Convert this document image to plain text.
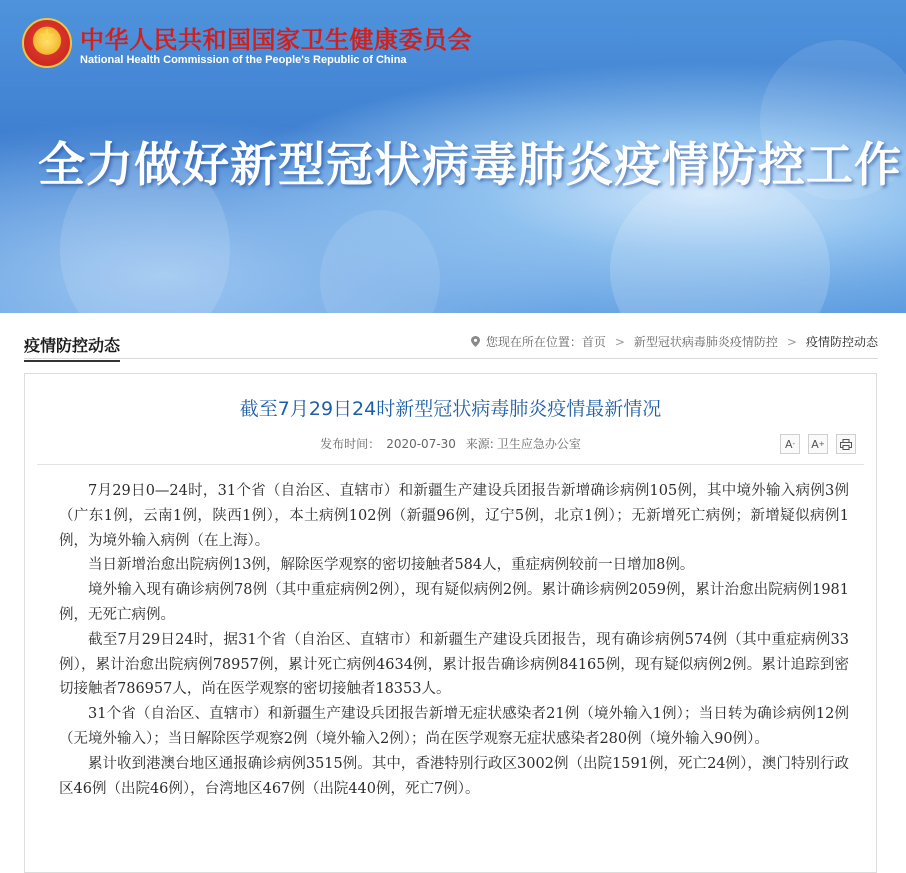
★	中华人民共和国国家卫生健康委员会
National Health Commission of the People's Republic of China
全力做好新型冠状病毒肺炎疫情防控工作
疫情防控动态	您现在所在位置： 首页 > 新型冠状病毒肺炎疫情防控 > 疫情防控动态
截至7月29日24时新型冠状病毒肺炎疫情最新情况
发布时间： 2020-07-30 来源: 卫生应急办公室	A - A +

7月29日0—24时，31个省（自治区、直辖市）和新疆生产建设兵团报告新增确诊病例105例，其中境外输入病例3例（广东1例，云南1例，陕西1例），本土病例102例（新疆96例，辽宁5例，北京1例）；无新增死亡病例；新增疑似病例1例，为境外输入病例（在上海）。

当日新增治愈出院病例13例，解除医学观察的密切接触者584人，重症病例较前一日增加8例。

境外输入现有确诊病例78例（其中重症病例2例），现有疑似病例2例。累计确诊病例2059例，累计治愈出院病例1981例，无死亡病例。

截至7月29日24时，据31个省（自治区、直辖市）和新疆生产建设兵团报告，现有确诊病例574例（其中重症病例33例），累计治愈出院病例78957例，累计死亡病例4634例，累计报告确诊病例84165例，现有疑似病例2例。累计追踪到密切接触者786957人，尚在医学观察的密切接触者18353人。

31个省（自治区、直辖市）和新疆生产建设兵团报告新增无症状感染者21例（境外输入1例）；当日转为确诊病例12例（无境外输入）；当日解除医学观察2例（境外输入2例）；尚在医学观察无症状感染者280例（境外输入90例）。

累计收到港澳台地区通报确诊病例3515例。其中，香港特别行政区3002例（出院1591例，死亡24例），澳门特别行政区46例（出院46例），台湾地区467例（出院440例，死亡7例）。
